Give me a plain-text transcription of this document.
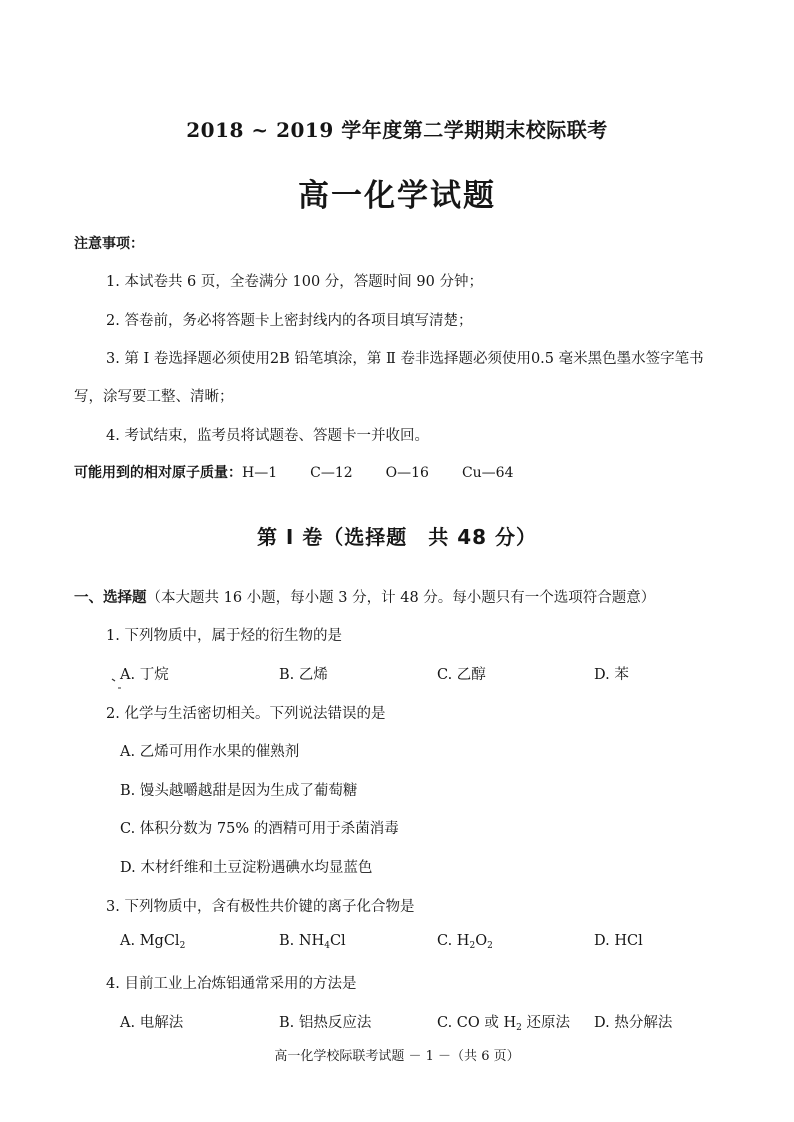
2018 ~ 2019 学年度第二学期期末校际联考
高一化学试题
注意事项：
1. 本试卷共 6 页，全卷满分 100 分，答题时间 90 分钟；
2. 答卷前，务必将答题卡上密封线内的各项目填写清楚；
3. 第 Ⅰ 卷选择题必须使用2B 铅笔填涂，第 Ⅱ 卷非选择题必须使用0.5 毫米黑色墨水签字笔书
写，涂写要工整、清晰；
4. 考试结束，监考员将试题卷、答题卡一并收回。
可能用到的相对原子质量：H—1 C—12 O—16 Cu—64
第 Ⅰ 卷（选择题　共 48 分）
一、选择题（本大题共 16 小题，每小题 3 分，计 48 分。每小题只有一个选项符合题意）
1. 下列物质中，属于烃的衍生物的是
A. 丁烷	B. 乙烯	C. 乙醇	D. 苯
2. 化学与生活密切相关。下列说法错误的是
A. 乙烯可用作水果的催熟剂
B. 馒头越嚼越甜是因为生成了葡萄糖
C. 体积分数为 75% 的酒精可用于杀菌消毒
D. 木材纤维和土豆淀粉遇碘水均显蓝色
3. 下列物质中，含有极性共价键的离子化合物是
A. MgCl$_2$	B. $NH_4Cl$	C. $H_2O_2$	D. HCl
4. 目前工业上冶炼铝通常采用的方法是
A. 电解法	B. 铝热反应法	C. CO 或 $H_2$ 还原法 D. 热分解法
高一化学校际联考试题 － 1 －（共 6 页）
